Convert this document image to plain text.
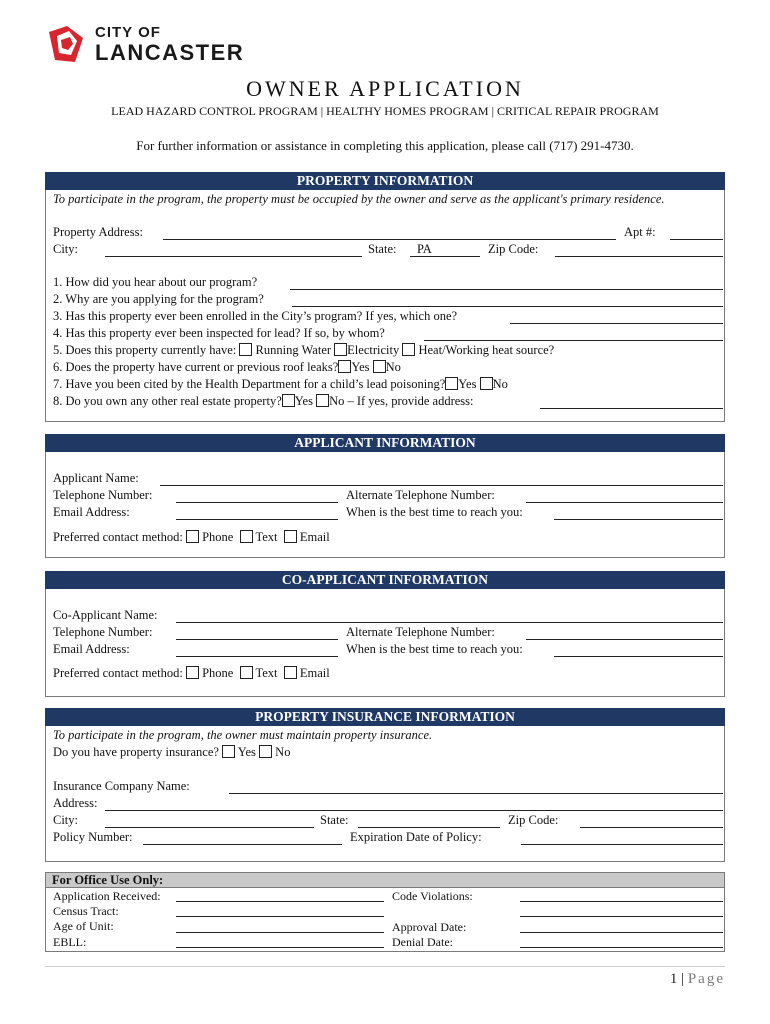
CITY OF
LANCASTER
OWNER APPLICATION
LEAD HAZARD CONTROL PROGRAM | HEALTHY HOMES PROGRAM | CRITICAL REPAIR PROGRAM
For further information or assistance in completing this application, please call (717) 291-4730.
PROPERTY INFORMATION
To participate in the program, the property must be occupied by the owner and serve as the applicant's primary residence.
Property Address:	Apt #:
City:	State: PA	Zip Code:
1. How did you hear about our program?
2. Why are you applying for the program?
3. Has this property ever been enrolled in the City’s program? If yes, which one?
4. Has this property ever been inspected for lead? If so, by whom?
5. Does this property currently have: Running Water Electricity Heat/Working heat source?
6. Does the property have current or previous roof leaks? Yes No
7. Have you been cited by the Health Department for a child’s lead poisoning? Yes No
8. Do you own any other real estate property? Yes No – If yes, provide address:
APPLICANT INFORMATION
Applicant Name:
Telephone Number:	Alternate Telephone Number:
Email Address:	When is the best time to reach you:
Preferred contact method: Phone Text Email
CO-APPLICANT INFORMATION
Co-Applicant Name:
Telephone Number:	Alternate Telephone Number:
Email Address:	When is the best time to reach you:
Preferred contact method: Phone Text Email
PROPERTY INSURANCE INFORMATION
To participate in the program, the owner must maintain property insurance.
Do you have property insurance? Yes No
Insurance Company Name:
Address:
City:	State:	Zip Code:
Policy Number:	Expiration Date of Policy:
For Office Use Only:
Application Received:	Code Violations:
Census Tract:
Age of Unit:	Approval Date:
EBLL:	Denial Date:
1 | Page
